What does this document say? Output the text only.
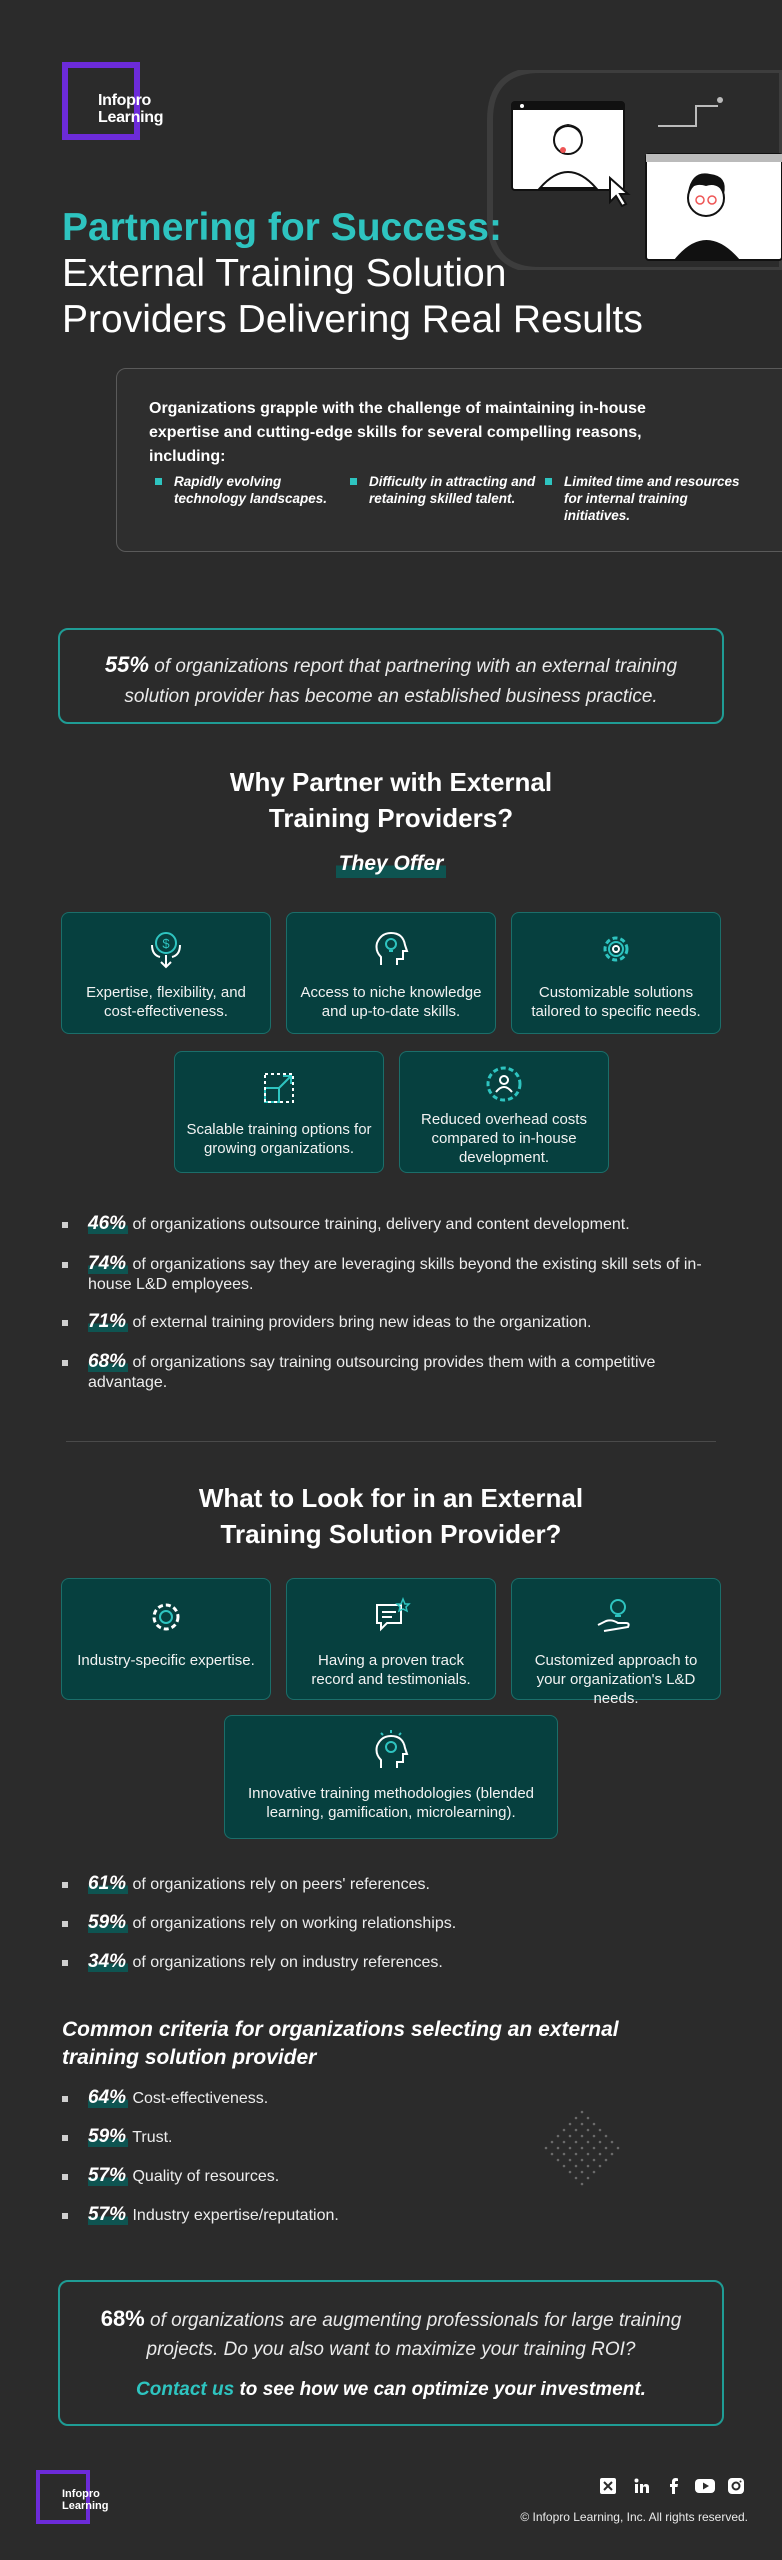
Infopro
Learning
Partnering for Success:
External Training Solution
Providers Delivering Real Results
Organizations grapple with the challenge of maintaining in-house expertise and cutting-edge skills for several compelling reasons, including:
Rapidly evolving technology landscapes.
Difficulty in attracting and retaining skilled talent.
Limited time and resources for internal training initiatives.
55% of organizations report that partnering with an external training solution provider has become an established business practice.
Why Partner with External
Training Providers?
They Offer
$
Expertise, flexibility, and cost-effectiveness.
Access to niche knowledge and up-to-date skills.
Customizable solutions tailored to specific needs.
Scalable training options for growing organizations.
Reduced overhead costs compared to in-house development.
46% of organizations outsource training, delivery and content development.
74% of organizations say they are leveraging skills beyond the existing skill sets of in-house L&D employees.
71% of external training providers bring new ideas to the organization.
68% of organizations say training outsourcing provides them with a competitive advantage.
What to Look for in an External
Training Solution Provider?
Industry-specific expertise.	Having a proven track record and testimonials.
Customized approach to your organization's L&D needs.
Innovative training methodologies (blended learning, gamification, microlearning).
61% of organizations rely on peers' references.
59% of organizations rely on working relationships.
34% of organizations rely on industry references.
Common criteria for organizations selecting an external training solution provider
64% Cost-effectiveness.
59% Trust.
57% Quality of resources.
57% Industry expertise/reputation.
68% of organizations are augmenting professionals for large training projects. Do you also want to maximize your training ROI?
Contact us to see how we can optimize your investment.
Infopro
Learning
© Infopro Learning, Inc. All rights reserved.
